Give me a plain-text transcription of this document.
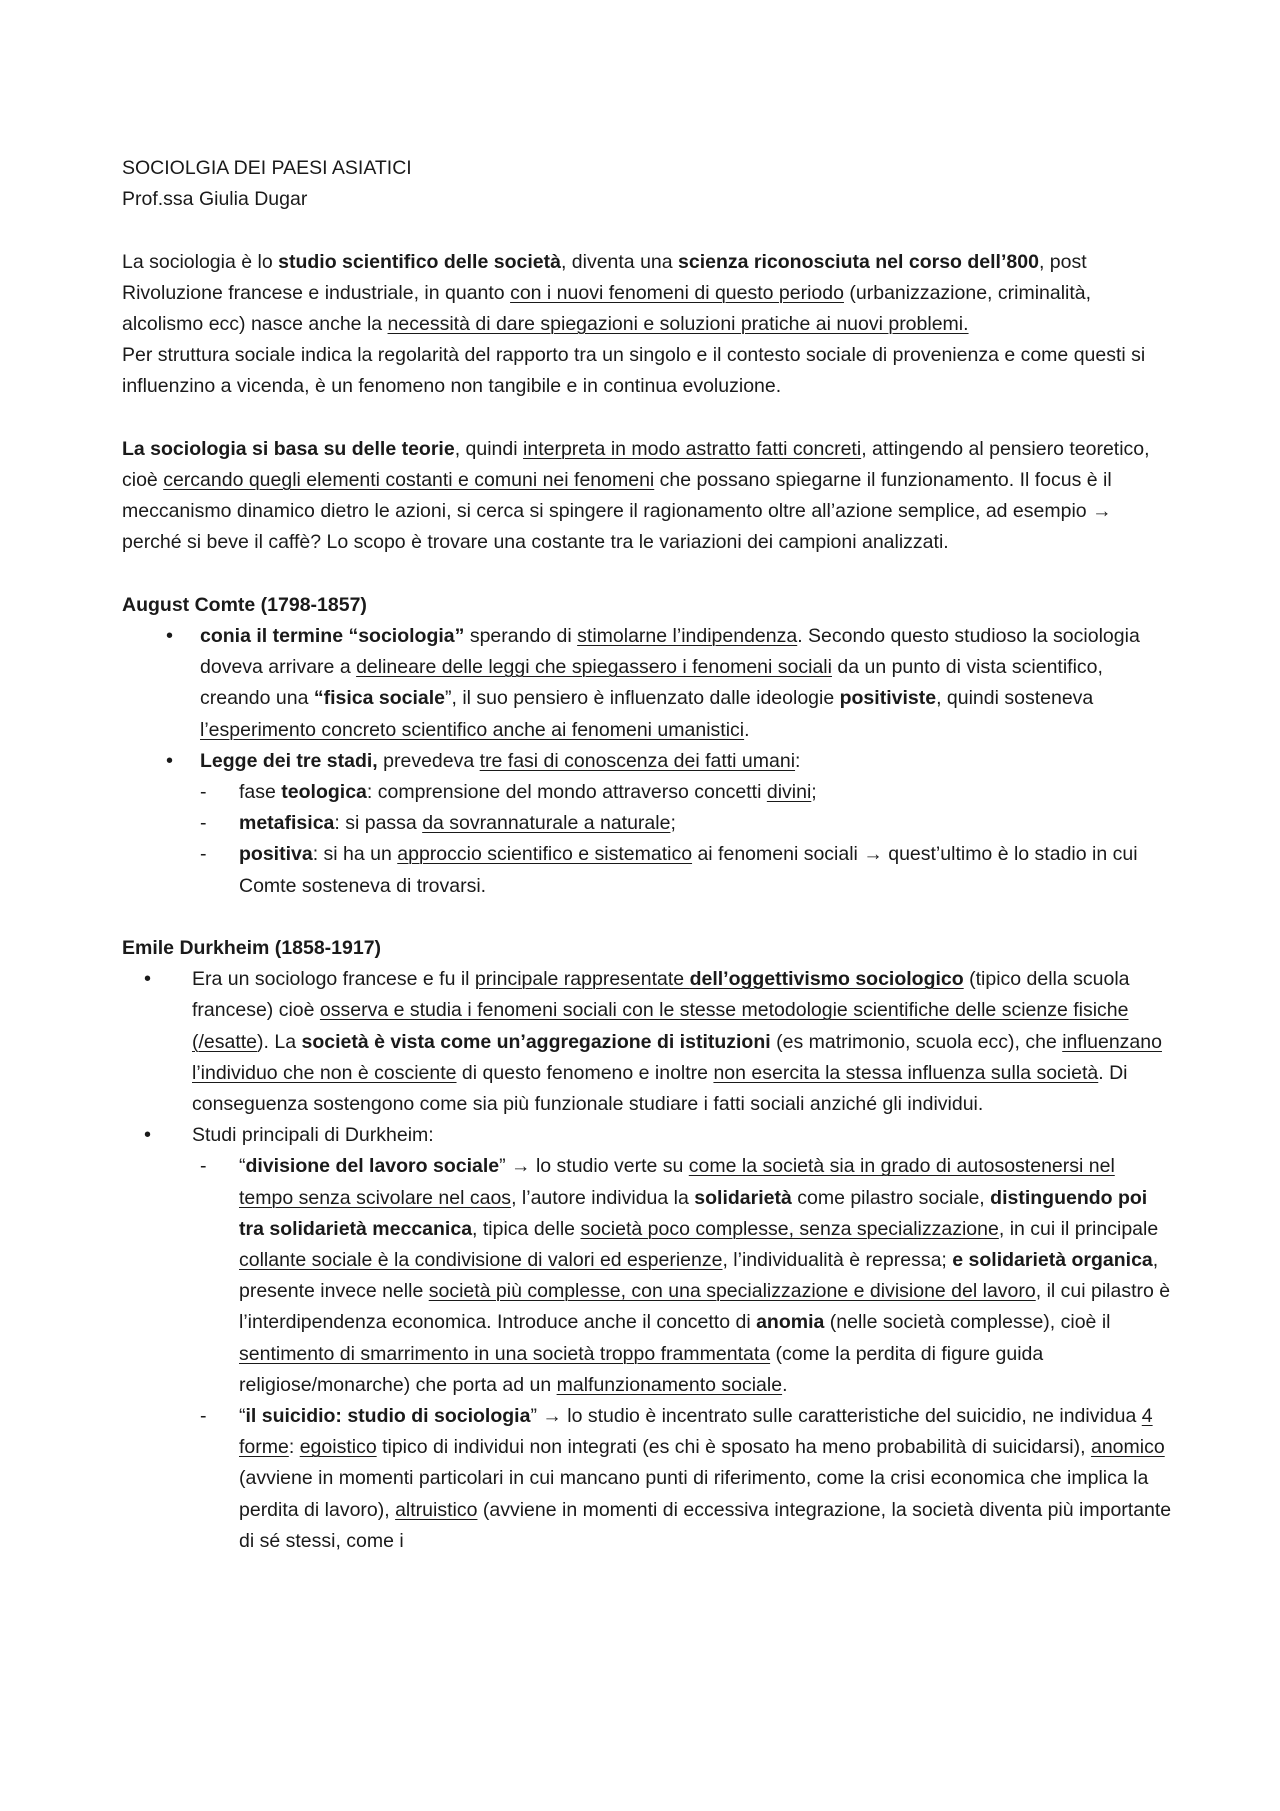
SOCIOLGIA DEI PAESI ASIATICI

Prof.ssa Giulia Dugar

La sociologia è lo studio scientifico delle società, diventa una scienza riconosciuta nel corso dell’800, post Rivoluzione francese e industriale, in quanto con i nuovi fenomeni di questo periodo (urbanizzazione, criminalità, alcolismo ecc) nasce anche la necessità di dare spiegazioni e soluzioni pratiche ai nuovi problemi.

Per struttura sociale indica la regolarità del rapporto tra un singolo e il contesto sociale di provenienza e come questi si influenzino a vicenda, è un fenomeno non tangibile e in continua evoluzione.

La sociologia si basa su delle teorie, quindi interpreta in modo astratto fatti concreti, attingendo al pensiero teoretico, cioè cercando quegli elementi costanti e comuni nei fenomeni che possano spiegarne il funzionamento. Il focus è il meccanismo dinamico dietro le azioni, si cerca si spingere il ragionamento oltre all’azione semplice, ad esempio → perché si beve il caffè? Lo scopo è trovare una costante tra le variazioni dei campioni analizzati.

August Comte (1798-1857)

• conia il termine “sociologia” sperando di stimolarne l’indipendenza. Secondo questo studioso la sociologia doveva arrivare a delineare delle leggi che spiegassero i fenomeni sociali da un punto di vista scientifico, creando una “fisica sociale”, il suo pensiero è influenzato dalle ideologie positiviste, quindi sosteneva l’esperimento concreto scientifico anche ai fenomeni umanistici.
• Legge dei tre stadi, prevedeva tre fasi di conoscenza dei fatti umani:
- fase teologica: comprensione del mondo attraverso concetti divini;
- metafisica: si passa da sovrannaturale a naturale;
- positiva: si ha un approccio scientifico e sistematico ai fenomeni sociali → quest’ultimo è lo stadio in cui Comte sosteneva di trovarsi.

Emile Durkheim (1858-1917)

• Era un sociologo francese e fu il principale rappresentate dell’oggettivismo sociologico (tipico della scuola francese) cioè osserva e studia i fenomeni sociali con le stesse metodologie scientifiche delle scienze fisiche (/esatte). La società è vista come un’aggregazione di istituzioni (es matrimonio, scuola ecc), che influenzano l’individuo che non è cosciente di questo fenomeno e inoltre non esercita la stessa influenza sulla società. Di conseguenza sostengono come sia più funzionale studiare i fatti sociali anziché gli individui.
• Studi principali di Durkheim:
- “divisione del lavoro sociale” → lo studio verte su come la società sia in grado di autosostenersi nel tempo senza scivolare nel caos, l’autore individua la solidarietà come pilastro sociale, distinguendo poi tra solidarietà meccanica, tipica delle società poco complesse, senza specializzazione, in cui il principale collante sociale è la condivisione di valori ed esperienze, l’individualità è repressa; e solidarietà organica, presente invece nelle società più complesse, con una specializzazione e divisione del lavoro, il cui pilastro è l’interdipendenza economica. Introduce anche il concetto di anomia (nelle società complesse), cioè il sentimento di smarrimento in una società troppo frammentata (come la perdita di figure guida religiose/monarche) che porta ad un malfunzionamento sociale.
- “il suicidio: studio di sociologia” → lo studio è incentrato sulle caratteristiche del suicidio, ne individua 4 forme: egoistico tipico di individui non integrati (es chi è sposato ha meno probabilità di suicidarsi), anomico (avviene in momenti particolari in cui mancano punti di riferimento, come la crisi economica che implica la perdita di lavoro), altruistico (avviene in momenti di eccessiva integrazione, la società diventa più importante di sé stessi, come i
